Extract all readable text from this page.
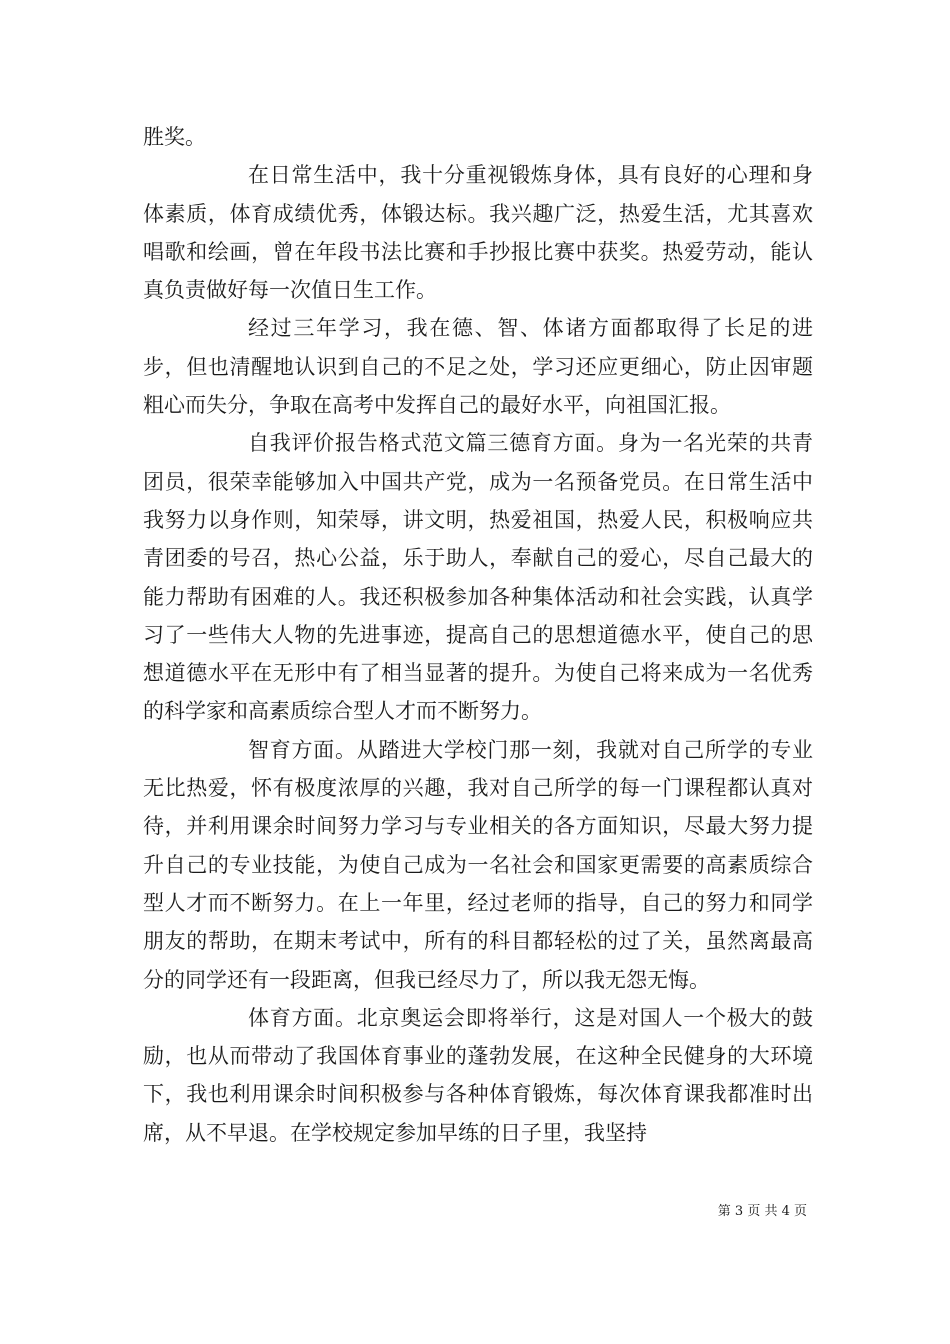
胜奖。

在日常生活中，我十分重视锻炼身体，具有良好的心理和身体素质，体育成绩优秀，体锻达标。我兴趣广泛，热爱生活，尤其喜欢唱歌和绘画，曾在年段书法比赛和手抄报比赛中获奖。热爱劳动，能认真负责做好每一次值日生工作。

经过三年学习，我在德、智、体诸方面都取得了长足的进步，但也清醒地认识到自己的不足之处，学习还应更细心，防止因审题粗心而失分，争取在高考中发挥自己的最好水平，向祖国汇报。

自我评价报告格式范文篇三德育方面。身为一名光荣的共青团员，很荣幸能够加入中国共产党，成为一名预备党员。在日常生活中我努力以身作则，知荣辱，讲文明，热爱祖国，热爱人民，积极响应共青团委的号召，热心公益，乐于助人，奉献自己的爱心，尽自己最大的能力帮助有困难的人。我还积极参加各种集体活动和社会实践，认真学习了一些伟大人物的先进事迹，提高自己的思想道德水平，使自己的思想道德水平在无形中有了相当显著的提升。为使自己将来成为一名优秀的科学家和高素质综合型人才而不断努力。

智育方面。从踏进大学校门那一刻，我就对自己所学的专业无比热爱，怀有极度浓厚的兴趣，我对自己所学的每一门课程都认真对待，并利用课余时间努力学习与专业相关的各方面知识，尽最大努力提升自己的专业技能，为使自己成为一名社会和国家更需要的高素质综合型人才而不断努力。在上一年里，经过老师的指导，自己的努力和同学朋友的帮助，在期末考试中，所有的科目都轻松的过了关，虽然离最高分的同学还有一段距离，但我已经尽力了，所以我无怨无悔。

体育方面。北京奥运会即将举行，这是对国人一个极大的鼓励，也从而带动了我国体育事业的蓬勃发展，在这种全民健身的大环境下，我也利用课余时间积极参与各种体育锻炼，每次体育课我都准时出席，从不早退。在学校规定参加早练的日子里，我坚持

第 3 页 共 4 页
